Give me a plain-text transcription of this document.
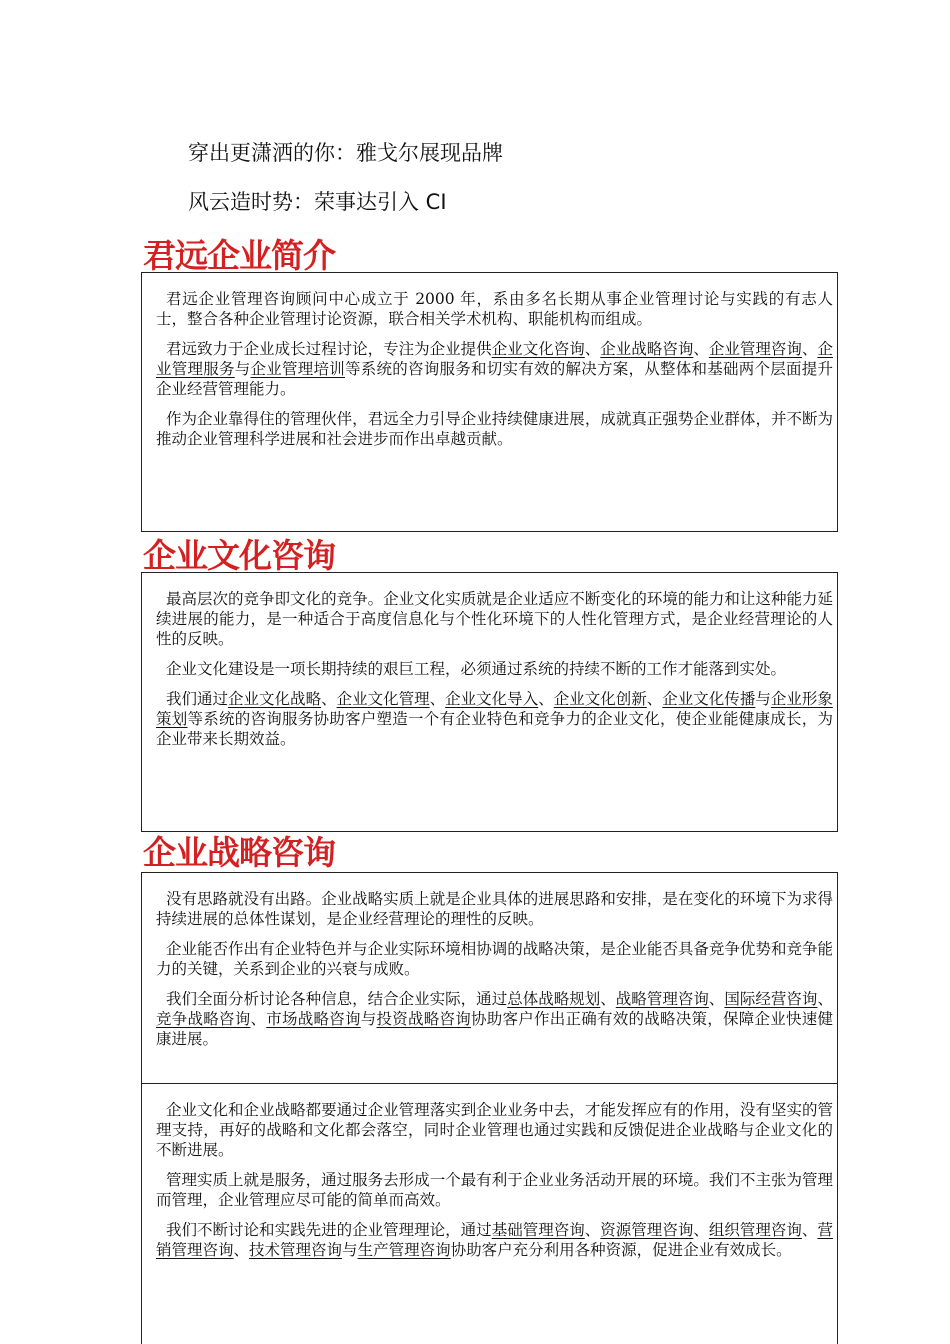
穿出更潇洒的你：雅戈尔展现品牌
风云造时势：荣事达引入 CI
君远企业简介

君远企业管理咨询顾问中心成立于 2000 年，系由多名长期从事企业管理讨论与实践的有志人士，整合各种企业管理讨论资源，联合相关学术机构、职能机构而组成。

君远致力于企业成长过程讨论，专注为企业提供企业文化咨询、企业战略咨询、企业管理咨询、企业管理服务与企业管理培训等系统的咨询服务和切实有效的解决方案，从整体和基础两个层面提升企业经营管理能力。

作为企业靠得住的管理伙伴，君远全力引导企业持续健康进展，成就真正强势企业群体，并不断为推动企业管理科学进展和社会进步而作出卓越贡献。

企业文化咨询

最高层次的竞争即文化的竞争。企业文化实质就是企业适应不断变化的环境的能力和让这种能力延续进展的能力，是一种适合于高度信息化与个性化环境下的人性化管理方式，是企业经营理论的人性的反映。

企业文化建设是一项长期持续的艰巨工程，必须通过系统的持续不断的工作才能落到实处。

我们通过企业文化战略、企业文化管理、企业文化导入、企业文化创新、企业文化传播与企业形象策划等系统的咨询服务协助客户塑造一个有企业特色和竞争力的企业文化，使企业能健康成长，为企业带来长期效益。

企业战略咨询

没有思路就没有出路。企业战略实质上就是企业具体的进展思路和安排，是在变化的环境下为求得持续进展的总体性谋划，是企业经营理论的理性的反映。

企业能否作出有企业特色并与企业实际环境相协调的战略决策，是企业能否具备竞争优势和竞争能力的关键，关系到企业的兴衰与成败。

我们全面分析讨论各种信息，结合企业实际，通过总体战略规划、战略管理咨询、国际经营咨询、竞争战略咨询、市场战略咨询与投资战略咨询协助客户作出正确有效的战略决策，保障企业快速健康进展。

企业文化和企业战略都要通过企业管理落实到企业业务中去，才能发挥应有的作用，没有坚实的管理支持，再好的战略和文化都会落空，同时企业管理也通过实践和反馈促进企业战略与企业文化的不断进展。

管理实质上就是服务，通过服务去形成一个最有利于企业业务活动开展的环境。我们不主张为管理而管理，企业管理应尽可能的简单而高效。

我们不断讨论和实践先进的企业管理理论，通过基础管理咨询、资源管理咨询、组织管理咨询、营销管理咨询、技术管理咨询与生产管理咨询协助客户充分利用各种资源，促进企业有效成长。
